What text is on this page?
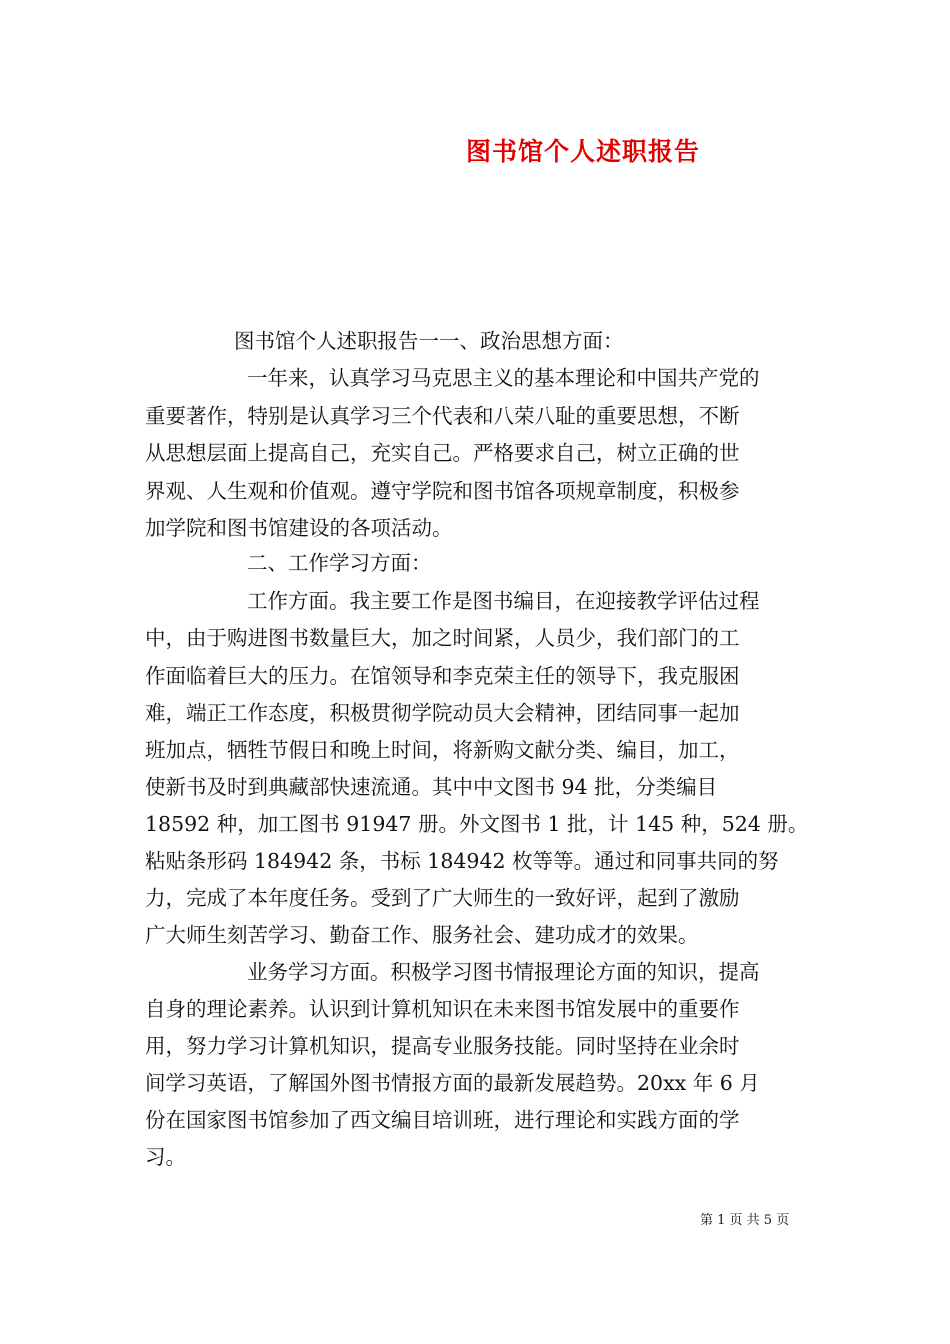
图书馆个人述职报告
图书馆个人述职报告一一、政治思想方面：
一年来，认真学习马克思主义的基本理论和中国共产党的
重要著作，特别是认真学习三个代表和八荣八耻的重要思想，不断
从思想层面上提高自己，充实自己。严格要求自己，树立正确的世
界观、人生观和价值观。遵守学院和图书馆各项规章制度，积极参
加学院和图书馆建设的各项活动。
二、工作学习方面：
工作方面。我主要工作是图书编目，在迎接教学评估过程
中，由于购进图书数量巨大，加之时间紧，人员少，我们部门的工
作面临着巨大的压力。在馆领导和李克荣主任的领导下，我克服困
难，端正工作态度，积极贯彻学院动员大会精神，团结同事一起加
班加点，牺牲节假日和晚上时间，将新购文献分类、编目，加工，
使新书及时到典藏部快速流通。其中中文图书 94 批，分类编目
18592 种，加工图书 91947 册。外文图书 1 批，计 145 种，524 册。
粘贴条形码 184942 条，书标 184942 枚等等。通过和同事共同的努
力，完成了本年度任务。受到了广大师生的一致好评，起到了激励
广大师生刻苦学习、勤奋工作、服务社会、建功成才的效果。
业务学习方面。积极学习图书情报理论方面的知识，提高
自身的理论素养。认识到计算机知识在未来图书馆发展中的重要作
用，努力学习计算机知识，提高专业服务技能。同时坚持在业余时
间学习英语，了解国外图书情报方面的最新发展趋势。20xx 年 6 月
份在国家图书馆参加了西文编目培训班，进行理论和实践方面的学
习。
第 1 页 共 5 页
